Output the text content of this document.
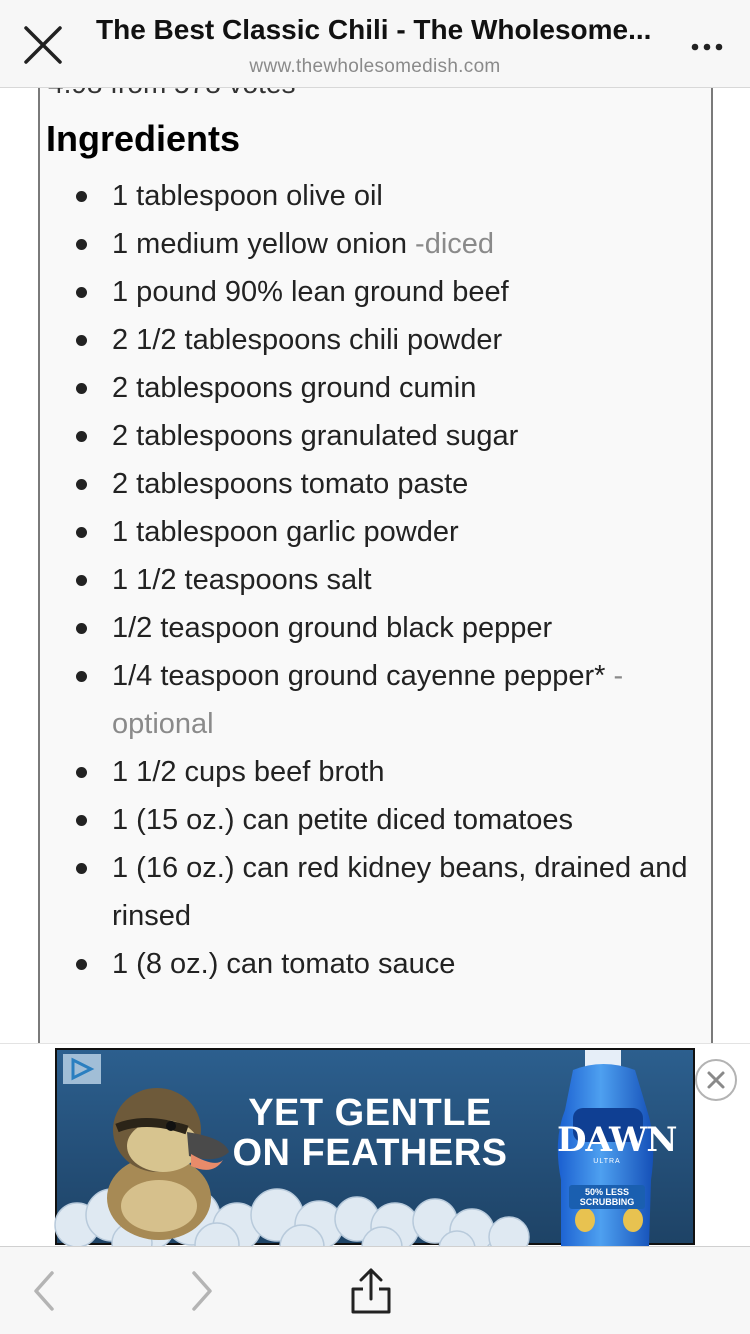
The Best Classic Chili - The Wholesome...
www.thewholesomedish.com
Ingredients
1 tablespoon olive oil
1 medium yellow onion -diced
1 pound 90% lean ground beef
2 1/2 tablespoons chili powder
2 tablespoons ground cumin
2 tablespoons granulated sugar
2 tablespoons tomato paste
1 tablespoon garlic powder
1 1/2 teaspoons salt
1/2 teaspoon ground black pepper
1/4 teaspoon ground cayenne pepper* - optional
1 1/2 cups beef broth
1 (15 oz.) can petite diced tomatoes
1 (16 oz.) can red kidney beans, drained and rinsed
1 (8 oz.) can tomato sauce
YET GENTLE
ON FEATHERS	DAWN
ULTRA
50% LESS SCRUBBING
